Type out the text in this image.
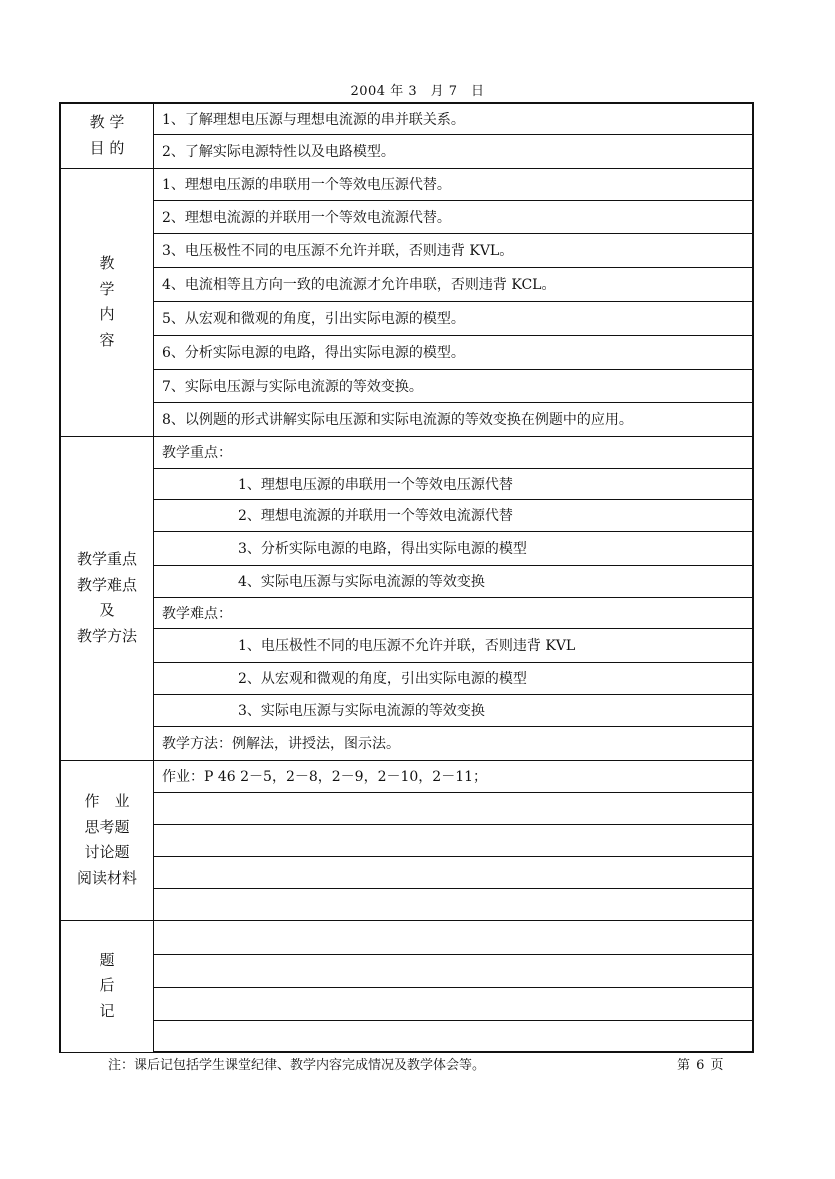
2004 年 3　月 7　日
教 学
目 的	1、了解理想电压源与理想电流源的串并联关系。
	2、了解实际电源特性以及电路模型。

教
学
内
容	1、理想电压源的串联用一个等效电压源代替。
	2、理想电流源的并联用一个等效电流源代替。
	3、电压极性不同的电压源不允许并联，否则违背 KVL。
	4、电流相等且方向一致的电流源才允许串联，否则违背 KCL。
	5、从宏观和微观的角度，引出实际电源的模型。
	6、分析实际电源的电路，得出实际电源的模型。
	7、实际电压源与实际电流源的等效变换。
	8、以例题的形式讲解实际电压源和实际电流源的等效变换在例题中的应用。

教学重点
教学难点
及
教学方法	教学重点：
	1、理想电压源的串联用一个等效电压源代替
	2、理想电流源的并联用一个等效电流源代替
	3、分析实际电源的电路，得出实际电源的模型
	4、实际电压源与实际电流源的等效变换
	教学难点：
	1、电压极性不同的电压源不允许并联，否则违背 KVL
	2、从宏观和微观的角度，引出实际电源的模型
	3、实际电压源与实际电流源的等效变换
	教学方法：例解法，讲授法，图示法。

作　业
思考题
讨论题
阅读材料	作业：P 46 2－5，2－8，2－9，2－10，2－11；

题
后
记	

注：课后记包括学生课堂纪律、教学内容完成情况及教学体会等。	第 6 页
